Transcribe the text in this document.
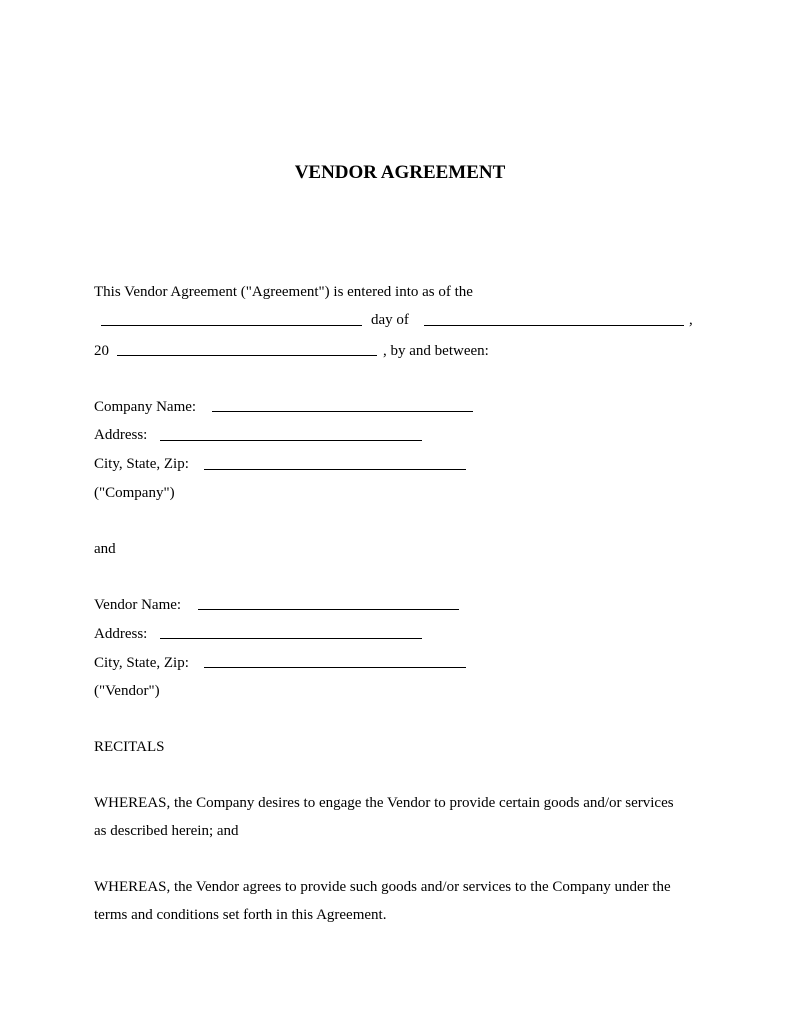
VENDOR AGREEMENT
This Vendor Agreement ("Agreement") is entered into as of the
day of	,
20	, by and between:
Company Name:
Address:
City, State, Zip:
("Company")
and
Vendor Name:
Address:
City, State, Zip:
("Vendor")
RECITALS
WHEREAS, the Company desires to engage the Vendor to provide certain goods and/or services
as described herein; and
WHEREAS, the Vendor agrees to provide such goods and/or services to the Company under the
terms and conditions set forth in this Agreement.
